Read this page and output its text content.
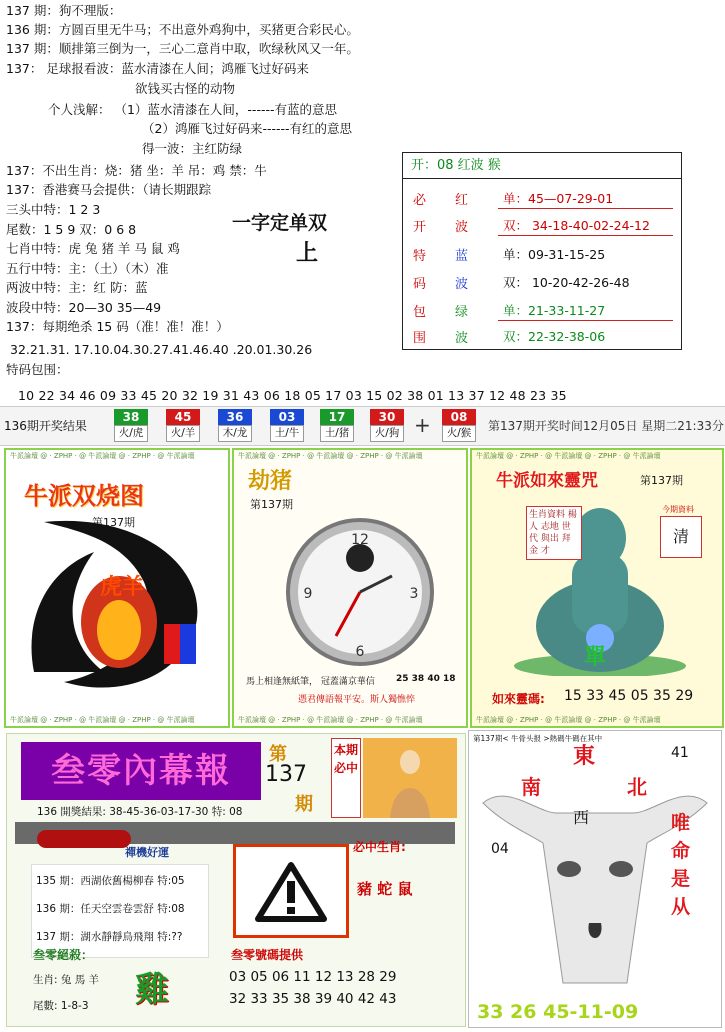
137 期：狗不理版：
136 期：方圆百里无牛马；不出意外鸡狗中，买猪更合彩民心。
137 期：顺排第三倒为一，三心二意肖中取，吹绿秋风又一年。
137： 足球报看波：蓝水清漆在人间；鸿雁飞过好码来
欲钱买古怪的动物
个人浅解： （1）蓝水清漆在人间，------有蓝的意思
（2）鸿雁飞过好码来------有红的意思
得一波：主红防绿
137：不出生肖：烧：猪 坐：羊 吊：鸡 禁：牛
137：香港赛马会提供：（请长期跟踪
三头中特：1 2 3
尾数：1 5 9 双：0 6 8
七肖中特：虎 兔 猪 羊 马 鼠 鸡
五行中特：主：（土）（木）准
两波中特：主：红 防：蓝
波段中特：20—30 35—49
137：每期绝杀 15 码（准！准！准！）
32.21.31. 17.10.04.30.27.41.46.40 .20.01.30.26
特码包围：
一字定单双
上
开：08 红波 猴
必 红	单：45—07-29-01
开 波	双： 34-18-40-02-24-12
特 蓝	单：09-31-15-25
码 波	双： 10-20-42-26-48
包 绿	单：21-33-11-27
围 波	双：22-32-38-06
10 22 34 46 09 33 45 20 32 19 31 43 06 18 05 17 03 15 02 38 01 13 37 12 48 23 35
136期开奖结果
38
火/虎
45
火/羊
36
木/龙
03
土/牛
17
土/猪
30
火/狗 +	08
火/猴	第137期开奖时间12月05日 星期二21:33分
牛派論壇 @ · ZPHP · @ 牛派論壇 @ · ZPHP · @ 牛派論壇
牛派論壇 @ · ZPHP · @ 牛派論壇 @ · ZPHP · @ 牛派論壇
牛派双烧图
第137期
虎羊
牛派論壇 @ · ZPHP · @ 牛派論壇 @ · ZPHP · @ 牛派論壇
牛派論壇 @ · ZPHP · @ 牛派論壇 @ · ZPHP · @ 牛派論壇
劫猪
第137期
12
3
6
9
馬上相逢無紙筆， 冠蓋滿京華信 25 38 40 18
憑君傳語報平安。斯人獨憔悴
牛派論壇 @ · ZPHP · @ 牛派論壇 @ · ZPHP · @ 牛派論壇
牛派論壇 @ · ZPHP · @ 牛派論壇 @ · ZPHP · @ 牛派論壇
牛派如來靈咒	第137期
生肖資料 楊人 志地 世代 與出 拜金 才
今期資料
清
單
如來靈碼: 15 33 45 05 35 29
叁零內幕報	第
137
期
本期必中
136 開獎結果: 38-45-36-03-17-30 特: 08
禪機好運
135 期：西湖依舊楊柳春 特:05
136 期：任天空雲卷雲舒 特:08
137 期：湖水靜靜鳥飛翔 特:??
必中生肖:
豬 蛇 鼠
叁零絕殺：
生肖: 兔 馬 羊
尾數: 1-8-3 雞
叁零號碼提供
03 05 06 11 12 13 28 29
32 33 35 38 39 40 42 43
第137期< 牛骨头报 >熱碼牛碼在其中
東
南	北
西
41
04
唯命是从
33 26 45-11-09
